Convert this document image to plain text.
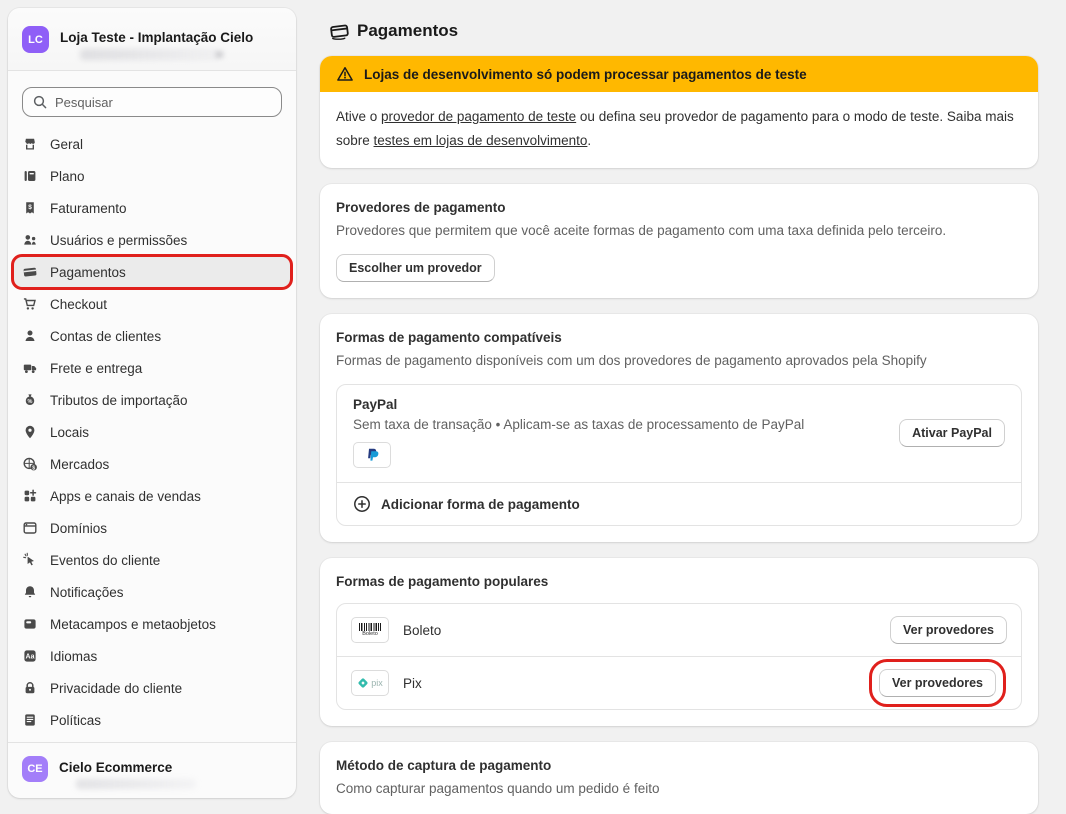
LC	Loja Teste - Implantação Cielo
Pesquisar
Geral
Plano
$ Faturamento
Usuários e permissões
Pagamentos
Checkout
Contas de clientes
Frete e entrega
% Tributos de importação
Locais
$ Mercados
Apps e canais de vendas
Domínios
Eventos do cliente
Notificações
Metacampos e metaobjetos
Aa Idiomas
Privacidade do cliente
Políticas
CE	Cielo Ecommerce
Pagamentos
Lojas de desenvolvimento só podem processar pagamentos de teste
Ative o provedor de pagamento de teste ou defina seu provedor de pagamento para o modo de teste. Saiba mais sobre testes em lojas de desenvolvimento.
Provedores de pagamento
Provedores que permitem que você aceite formas de pagamento com uma taxa definida pelo terceiro.
Escolher um provedor
Formas de pagamento compatíveis
Formas de pagamento disponíveis com um dos provedores de pagamento aprovados pela Shopify
PayPal
Sem taxa de transação • Aplicam-se as taxas de processamento de PayPal
Ativar PayPal
Adicionar forma de pagamento
Formas de pagamento populares
Boleto Boleto	Ver provedores
pix Pix	Ver provedores
Método de captura de pagamento
Como capturar pagamentos quando um pedido é feito
